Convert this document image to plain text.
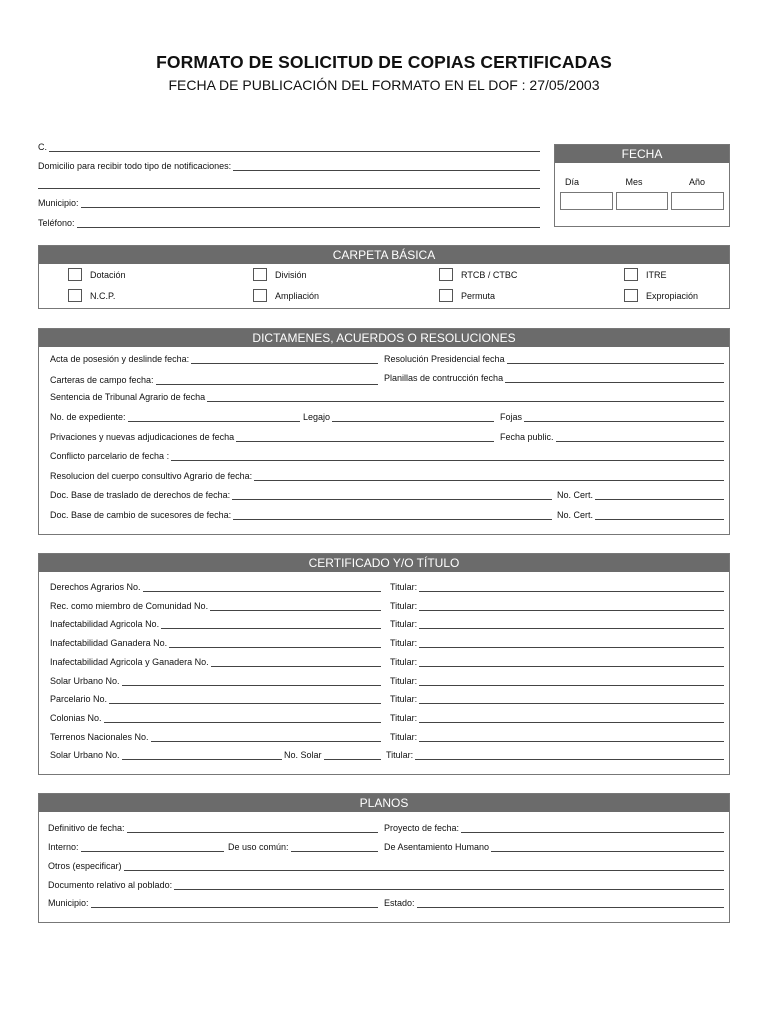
FORMATO DE SOLICITUD DE COPIAS CERTIFICADAS
FECHA DE PUBLICACIÓN DEL FORMATO EN EL DOF : 27/05/2003
C.
Domicilio para recibir todo tipo de notificaciones:
Municipio:
Teléfono:
FECHA
Día	Mes	Año
CARPETA BÁSICA
Dotación	División	RTCB / CTBC	ITRE
N.C.P.	Ampliación	Permuta	Expropiación
DICTAMENES, ACUERDOS O RESOLUCIONES
Acta de posesión y deslinde fecha:	Resolución Presidencial fecha
Carteras de campo fecha:	Planillas de contrucción fecha
Sentencia de Tribunal Agrario de fecha
No. de expediente:	Legajo	Fojas
Privaciones y nuevas adjudicaciones de fecha	Fecha public.
Conflicto parcelario de fecha :
Resolucion del cuerpo consultivo Agrario de fecha:
Doc. Base de traslado de derechos de fecha:	No. Cert.
Doc. Base de cambio de sucesores de fecha:	No. Cert.
CERTIFICADO Y/O TÍTULO
Derechos Agrarios No.	Titular:
Rec. como miembro de Comunidad No.	Titular:
Inafectabilidad Agricola No.	Titular:
Inafectabilidad Ganadera No.	Titular:
Inafectabilidad Agricola y Ganadera No.	Titular:
Solar Urbano No.	Titular:
Parcelario No.	Titular:
Colonias No.	Titular:
Terrenos Nacionales No.	Titular:
Solar Urbano No.	No. Solar	Titular:
PLANOS
Definitivo de fecha:	Proyecto de fecha:
Interno:	De uso común:	De Asentamiento Humano
Otros (especificar)
Documento relativo al poblado:
Municipio:	Estado:
